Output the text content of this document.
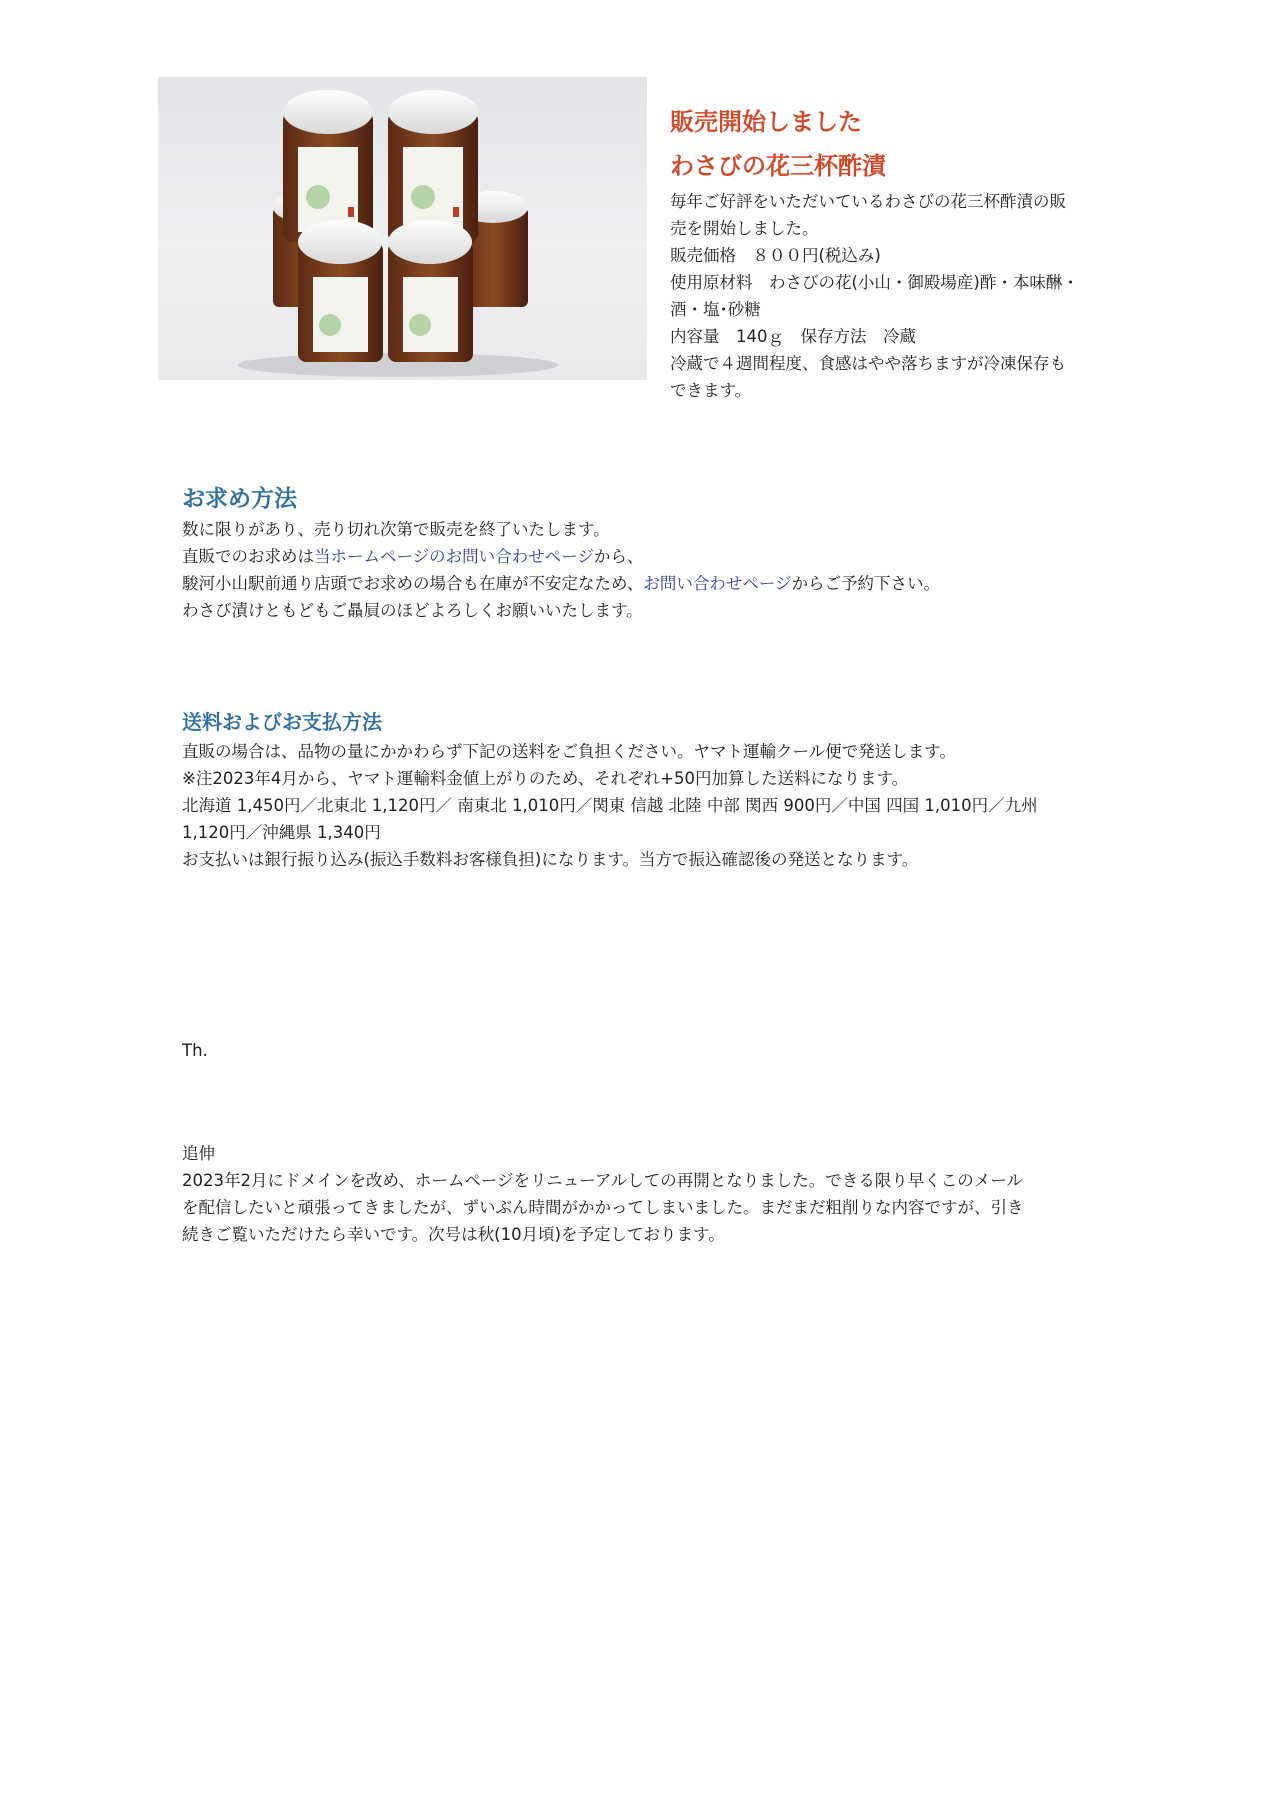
販売開始しました
わさびの花三杯酢漬

毎年ご好評をいただいているわさびの花三杯酢漬の販

売を開始しました。

販売価格　８００円(税込み)

使用原材料　わさびの花(小山・御殿場産)酢・本味醂・

酒・塩･砂糖

内容量　140ｇ　保存方法　冷蔵

冷蔵で４週間程度、食感はやや落ちますが冷凍保存も

できます。

お求め方法

数に限りがあり、売り切れ次第で販売を終了いたします。

直販でのお求めは当ホームページのお問い合わせページから、

駿河小山駅前通り店頭でお求めの場合も在庫が不安定なため、お問い合わせページからご予約下さい。

わさび漬けともどもご贔屓のほどよろしくお願いいたします。

送料およびお支払方法

直販の場合は、品物の量にかかわらず下記の送料をご負担ください。ヤマト運輸クール便で発送します。

※注2023年4月から、ヤマト運輸料金値上がりのため、それぞれ+50円加算した送料になります。

北海道 1,450円／北東北 1,120円／ 南東北 1,010円／関東 信越 北陸 中部 関西 900円／中国 四国 1,010円／九州

1,120円／沖縄県 1,340円

お支払いは銀行振り込み(振込手数料お客様負担)になります。当方で振込確認後の発送となります。

Th.

追伸

2023年2月にドメインを改め、ホームページをリニューアルしての再開となりました。できる限り早くこのメール

を配信したいと頑張ってきましたが、ずいぶん時間がかかってしまいました。まだまだ粗削りな内容ですが、引き

続きご覧いただけたら幸いです。次号は秋(10月頃)を予定しております。
